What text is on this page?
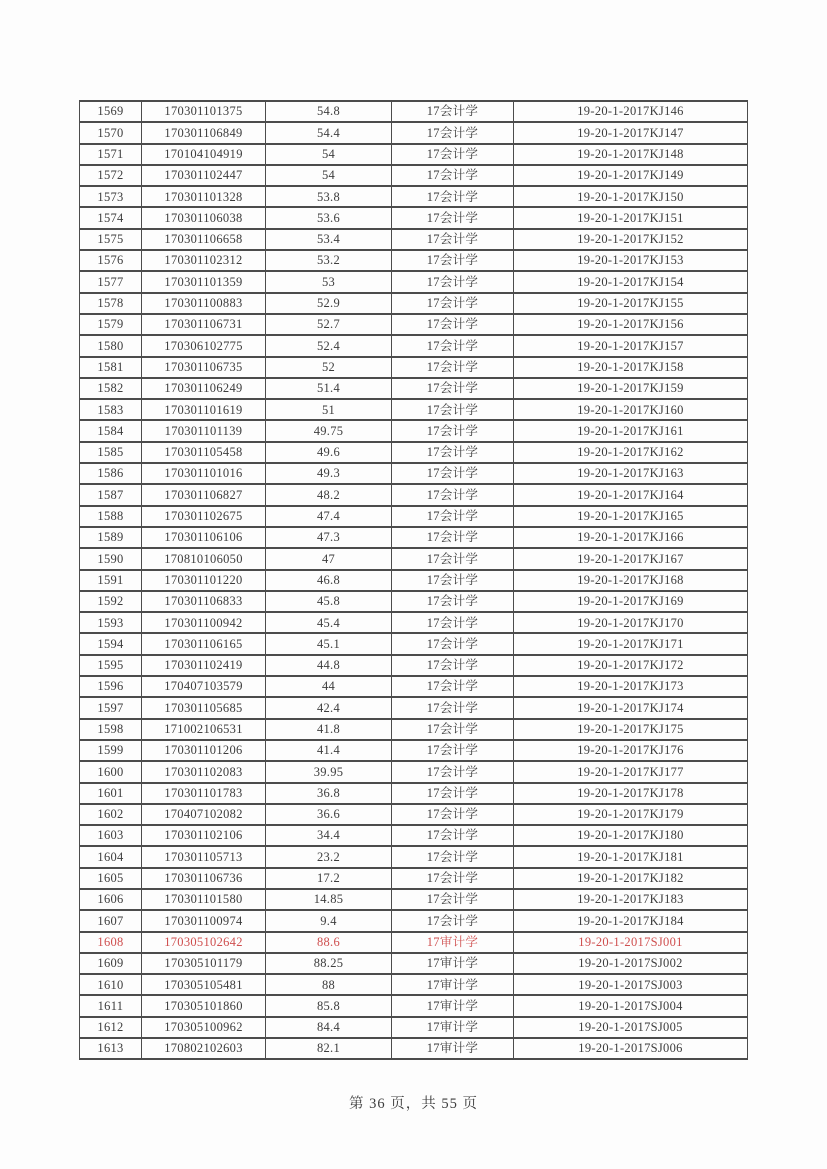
1569	170301101375	54.8	17会计学	19-20-1-2017KJ146
1570	170301106849	54.4	17会计学	19-20-1-2017KJ147
1571	170104104919	54	17会计学	19-20-1-2017KJ148
1572	170301102447	54	17会计学	19-20-1-2017KJ149
1573	170301101328	53.8	17会计学	19-20-1-2017KJ150
1574	170301106038	53.6	17会计学	19-20-1-2017KJ151
1575	170301106658	53.4	17会计学	19-20-1-2017KJ152
1576	170301102312	53.2	17会计学	19-20-1-2017KJ153
1577	170301101359	53	17会计学	19-20-1-2017KJ154
1578	170301100883	52.9	17会计学	19-20-1-2017KJ155
1579	170301106731	52.7	17会计学	19-20-1-2017KJ156
1580	170306102775	52.4	17会计学	19-20-1-2017KJ157
1581	170301106735	52	17会计学	19-20-1-2017KJ158
1582	170301106249	51.4	17会计学	19-20-1-2017KJ159
1583	170301101619	51	17会计学	19-20-1-2017KJ160
1584	170301101139	49.75	17会计学	19-20-1-2017KJ161
1585	170301105458	49.6	17会计学	19-20-1-2017KJ162
1586	170301101016	49.3	17会计学	19-20-1-2017KJ163
1587	170301106827	48.2	17会计学	19-20-1-2017KJ164
1588	170301102675	47.4	17会计学	19-20-1-2017KJ165
1589	170301106106	47.3	17会计学	19-20-1-2017KJ166
1590	170810106050	47	17会计学	19-20-1-2017KJ167
1591	170301101220	46.8	17会计学	19-20-1-2017KJ168
1592	170301106833	45.8	17会计学	19-20-1-2017KJ169
1593	170301100942	45.4	17会计学	19-20-1-2017KJ170
1594	170301106165	45.1	17会计学	19-20-1-2017KJ171
1595	170301102419	44.8	17会计学	19-20-1-2017KJ172
1596	170407103579	44	17会计学	19-20-1-2017KJ173
1597	170301105685	42.4	17会计学	19-20-1-2017KJ174
1598	171002106531	41.8	17会计学	19-20-1-2017KJ175
1599	170301101206	41.4	17会计学	19-20-1-2017KJ176
1600	170301102083	39.95	17会计学	19-20-1-2017KJ177
1601	170301101783	36.8	17会计学	19-20-1-2017KJ178
1602	170407102082	36.6	17会计学	19-20-1-2017KJ179
1603	170301102106	34.4	17会计学	19-20-1-2017KJ180
1604	170301105713	23.2	17会计学	19-20-1-2017KJ181
1605	170301106736	17.2	17会计学	19-20-1-2017KJ182
1606	170301101580	14.85	17会计学	19-20-1-2017KJ183
1607	170301100974	9.4	17会计学	19-20-1-2017KJ184
1608	170305102642	88.6	17审计学	19-20-1-2017SJ001
1609	170305101179	88.25	17审计学	19-20-1-2017SJ002
1610	170305105481	88	17审计学	19-20-1-2017SJ003
1611	170305101860	85.8	17审计学	19-20-1-2017SJ004
1612	170305100962	84.4	17审计学	19-20-1-2017SJ005
1613	170802102603	82.1	17审计学	19-20-1-2017SJ006
第 36 页，共 55 页
